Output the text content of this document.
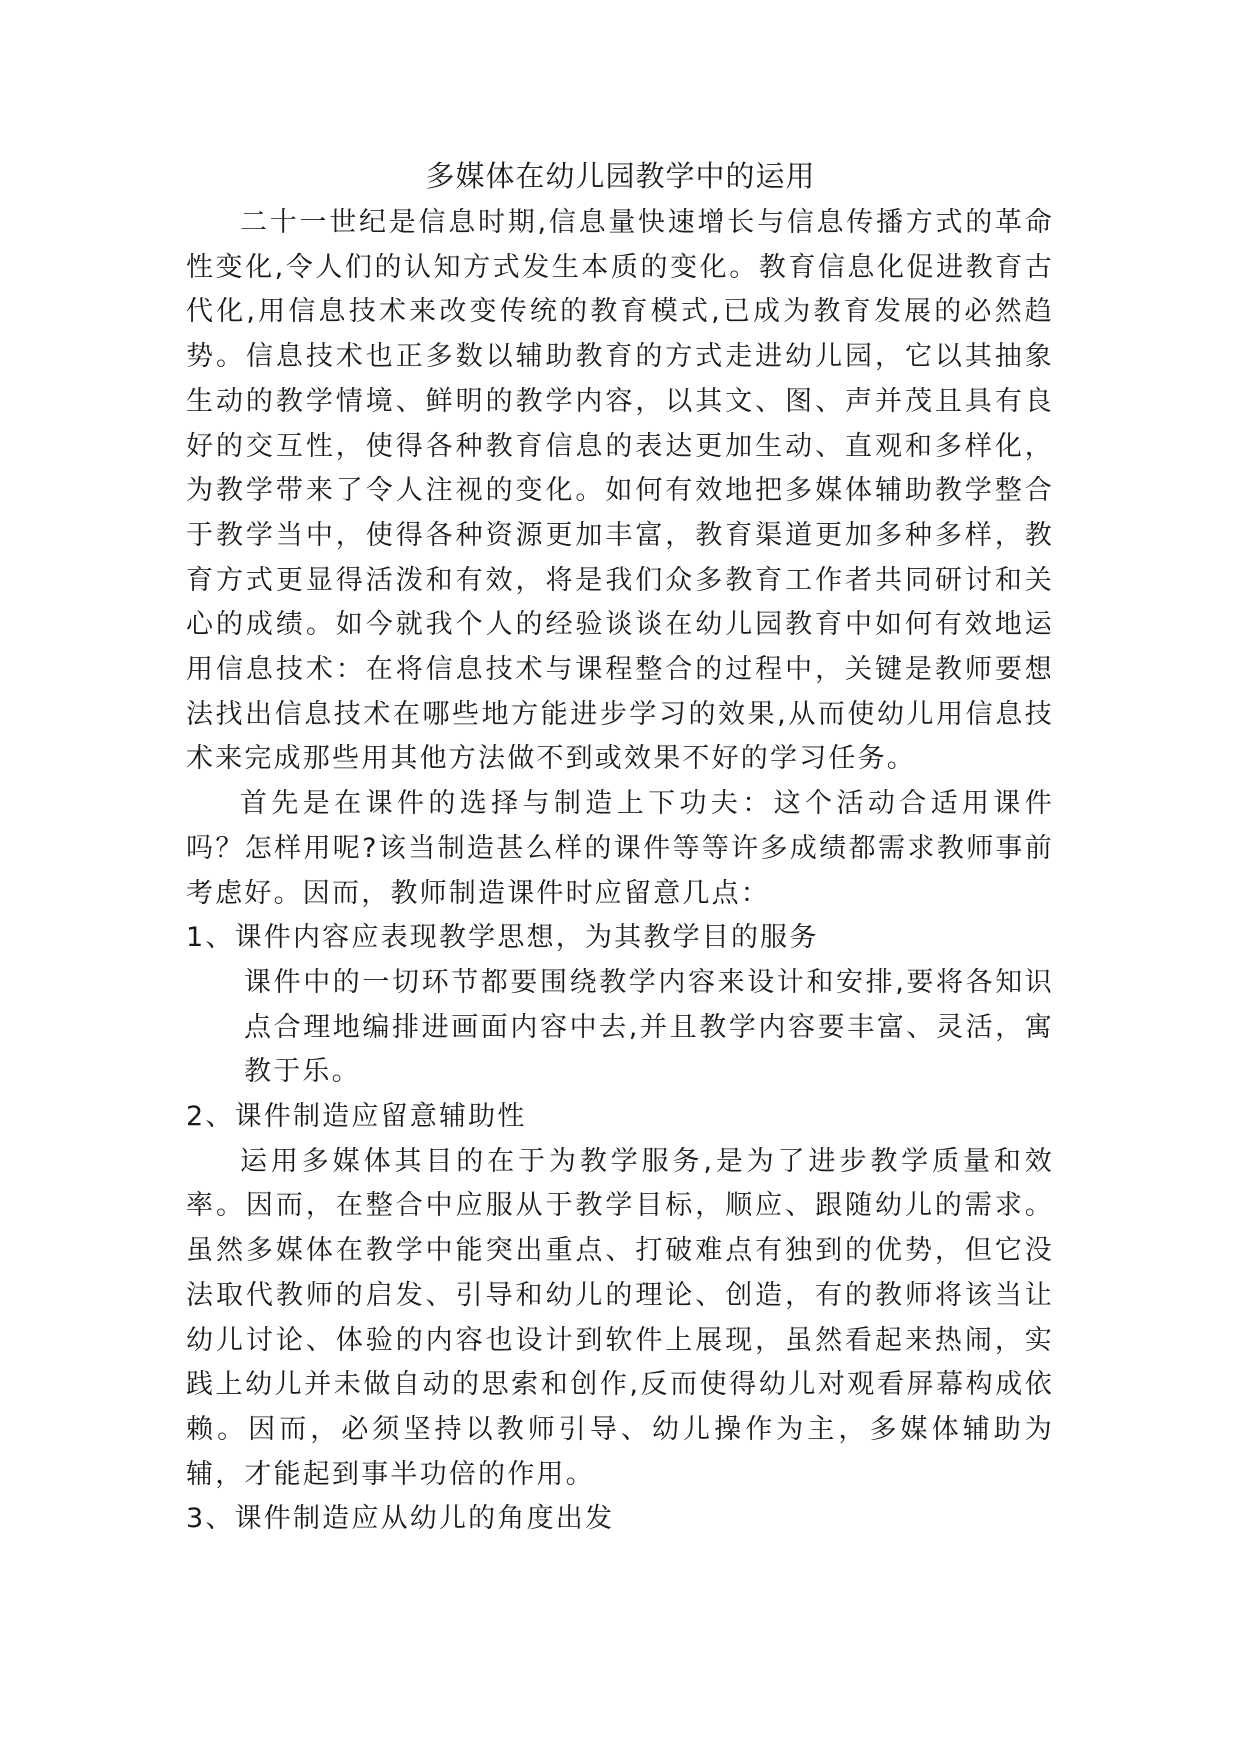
多媒体在幼儿园教学中的运用

二十一世纪是信息时期,信息量快速增长与信息传播方式的革命性变化,令人们的认知方式发生本质的变化。教育信息化促进教育古代化,用信息技术来改变传统的教育模式,已成为教育发展的必然趋势。信息技术也正多数以辅助教育的方式走进幼儿园，它以其抽象生动的教学情境、鲜明的教学内容，以其文、图、声并茂且具有良好的交互性，使得各种教育信息的表达更加生动、直观和多样化，为教学带来了令人注视的变化。如何有效地把多媒体辅助教学整合于教学当中，使得各种资源更加丰富，教育渠道更加多种多样，教育方式更显得活泼和有效，将是我们众多教育工作者共同研讨和关心的成绩。如今就我个人的经验谈谈在幼儿园教育中如何有效地运用信息技术：在将信息技术与课程整合的过程中，关键是教师要想法找出信息技术在哪些地方能进步学习的效果,从而使幼儿用信息技术来完成那些用其他方法做不到或效果不好的学习任务。

首先是在课件的选择与制造上下功夫：这个活动合适用课件吗？怎样用呢?该当制造甚么样的课件等等许多成绩都需求教师事前考虑好。因而，教师制造课件时应留意几点：

1、课件内容应表现教学思想，为其教学目的服务

课件中的一切环节都要围绕教学内容来设计和安排,要将各知识点合理地编排进画面内容中去,并且教学内容要丰富、灵活，寓教于乐。

2、课件制造应留意辅助性

运用多媒体其目的在于为教学服务,是为了进步教学质量和效率。因而，在整合中应服从于教学目标，顺应、跟随幼儿的需求。虽然多媒体在教学中能突出重点、打破难点有独到的优势，但它没法取代教师的启发、引导和幼儿的理论、创造，有的教师将该当让幼儿讨论、体验的内容也设计到软件上展现，虽然看起来热闹，实践上幼儿并未做自动的思索和创作,反而使得幼儿对观看屏幕构成依赖。因而，必须坚持以教师引导、幼儿操作为主，多媒体辅助为辅，才能起到事半功倍的作用。

3、课件制造应从幼儿的角度出发
